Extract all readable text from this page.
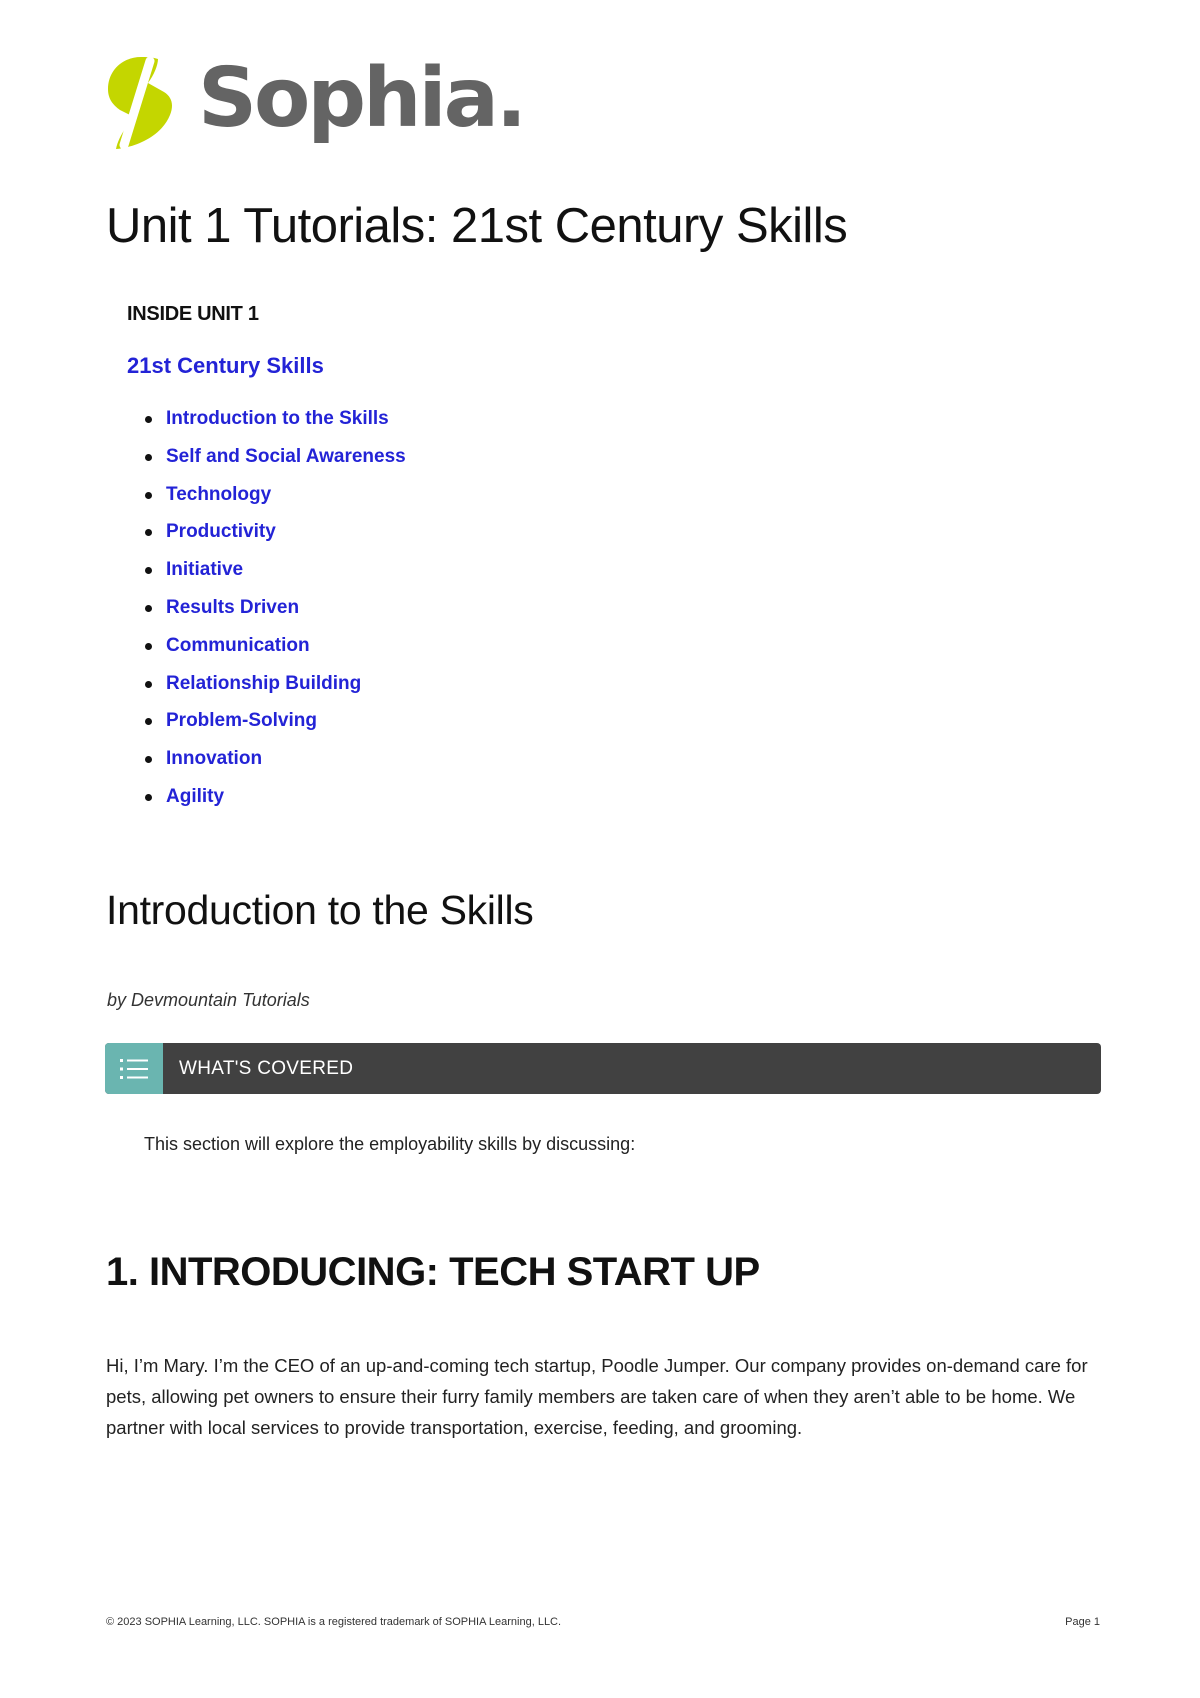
Sophia.
Unit 1 Tutorials: 21st Century Skills
INSIDE UNIT 1
21st Century Skills
Introduction to the Skills
Self and Social Awareness
Technology
Productivity
Initiative
Results Driven
Communication
Relationship Building
Problem-Solving
Innovation
Agility
Introduction to the Skills
by Devmountain Tutorials
WHAT'S COVERED

This section will explore the employability skills by discussing:

1. INTRODUCING: TECH START UP

Hi, I’m Mary. I’m the CEO of an up-and-coming tech startup, Poodle Jumper. Our company provides on-demand care for pets, allowing pet owners to ensure their furry family members are taken care of when they aren’t able to be home. We partner with local services to provide transportation, exercise, feeding, and grooming.

© 2023 SOPHIA Learning, LLC. SOPHIA is a registered trademark of SOPHIA Learning, LLC.	Page 1
